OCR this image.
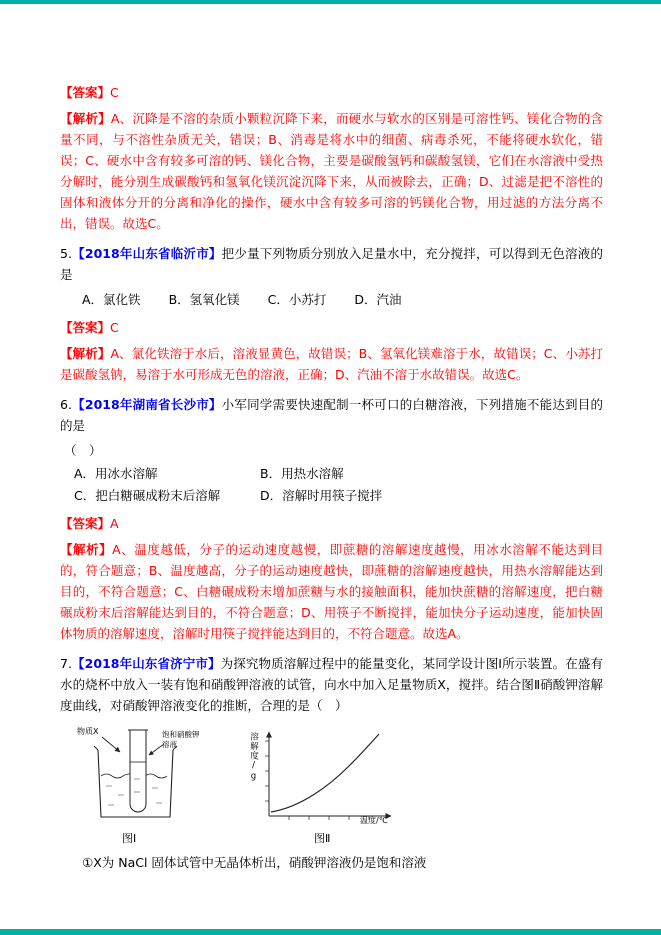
【答案】C

【解析】A、沉降是不溶的杂质小颗粒沉降下来，而硬水与软水的区别是可溶性钙、镁化合物的含量不同，与不溶性杂质无关，错误；B、消毒是将水中的细菌、病毒杀死，不能将硬水软化，错误；C、硬水中含有较多可溶的钙、镁化合物，主要是碳酸氢钙和碳酸氢镁，它们在水溶液中受热分解时，能分别生成碳酸钙和氢氧化镁沉淀沉降下来，从而被除去，正确；D、过滤是把不溶性的固体和液体分开的分离和净化的操作，硬水中含有较多可溶的钙镁化合物，用过滤的方法分离不出，错误。故选C。

5.【2018年山东省临沂市】把少量下列物质分别放入足量水中，充分搅拌，可以得到无色溶液的是

A．氯化铁 B．氢氧化镁 C．小苏打 D．汽油

【答案】C

【解析】A、氯化铁溶于水后，溶液显黄色，故错误；B、氢氧化镁难溶于水，故错误；C、小苏打是碳酸氢钠，易溶于水可形成无色的溶液，正确；D、汽油不溶于水故错误。故选C。

6.【2018年湖南省长沙市】小军同学需要快速配制一杯可口的白糖溶液，下列措施不能达到目的的是

（　）

A．用冰水溶解	B．用热水溶解
C．把白糖碾成粉末后溶解	D．溶解时用筷子搅拌

【答案】A

【解析】A、温度越低，分子的运动速度越慢，即蔗糖的溶解速度越慢，用冰水溶解不能达到目的，符合题意；B、温度越高，分子的运动速度越快，即蔗糖的溶解速度越快，用热水溶解能达到目的，不符合题意；C、白糖碾成粉末增加蔗糖与水的接触面积，能加快蔗糖的溶解速度，把白糖碾成粉末后溶解能达到目的，不符合题意；D、用筷子不断搅拌，能加快分子运动速度，能加快固体物质的溶解速度，溶解时用筷子搅拌能达到目的，不符合题意。故选A。

7.【2018年山东省济宁市】为探究物质溶解过程中的能量变化，某同学设计图Ⅰ所示装置。在盛有水的烧杯中放入一装有饱和硝酸钾溶液的试管，向水中加入足量物质X，搅拌。结合图Ⅱ硝酸钾溶解度曲线，对硝酸钾溶液变化的推断，合理的是（　）

物质X	饱和硝酸钾
溶液
图Ⅰ
溶解度/g
温度/℃
图Ⅱ

①X为 NaCl 固体试管中无晶体析出，硝酸钾溶液仍是饱和溶液
